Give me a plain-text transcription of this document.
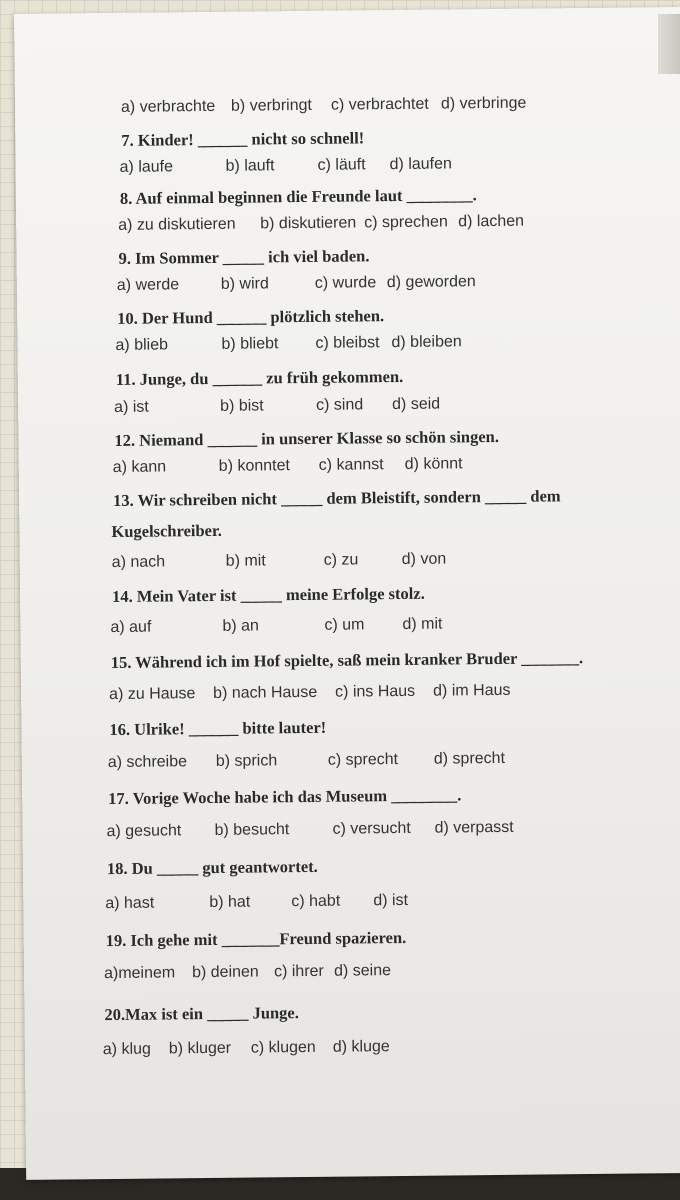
a) verbrachte b) verbringt c) verbrachtet d) verbringe
7. Kinder! ______ nicht so schnell!
a) laufe	b) lauft	c) läuft d) laufen
8. Auf einmal beginnen die Freunde laut ________.
a) zu diskutieren b) diskutieren c) sprechen d) lachen
9. Im Sommer _____ ich viel baden.
a) werde	b) wird	c) wurde d) geworden
10. Der Hund ______ plötzlich stehen.
a) blieb	b) bliebt c) bleibst d) bleiben
11. Junge, du ______ zu früh gekommen.
a) ist	b) bist	c) sind d) seid
12. Niemand ______ in unserer Klasse so schön singen.
a) kann	b) konntet c) kannst d) könnt
13. Wir schreiben nicht _____ dem Bleistift, sondern _____ dem
Kugelschreiber.
a) nach	b) mit	c) zu	d) von
14. Mein Vater ist _____ meine Erfolge stolz.
a) auf	b) an	c) um d) mit
15. Während ich im Hof spielte, saß mein kranker Bruder _______.
a) zu Hause b) nach Hause c) ins Haus d) im Haus
16. Ulrike! ______ bitte lauter!
a) schreibe b) sprich	c) sprecht d) sprecht
17. Vorige Woche habe ich das Museum ________.
a) gesucht b) besucht	c) versucht d) verpasst
18. Du _____ gut geantwortet.
a) hast	b) hat	c) habt d) ist
19. Ich gehe mit _______Freund spazieren.
a)meinem b) deinen c) ihrer d) seine
20.Max ist ein _____ Junge.
a) klug b) kluger c) klugen d) kluge
